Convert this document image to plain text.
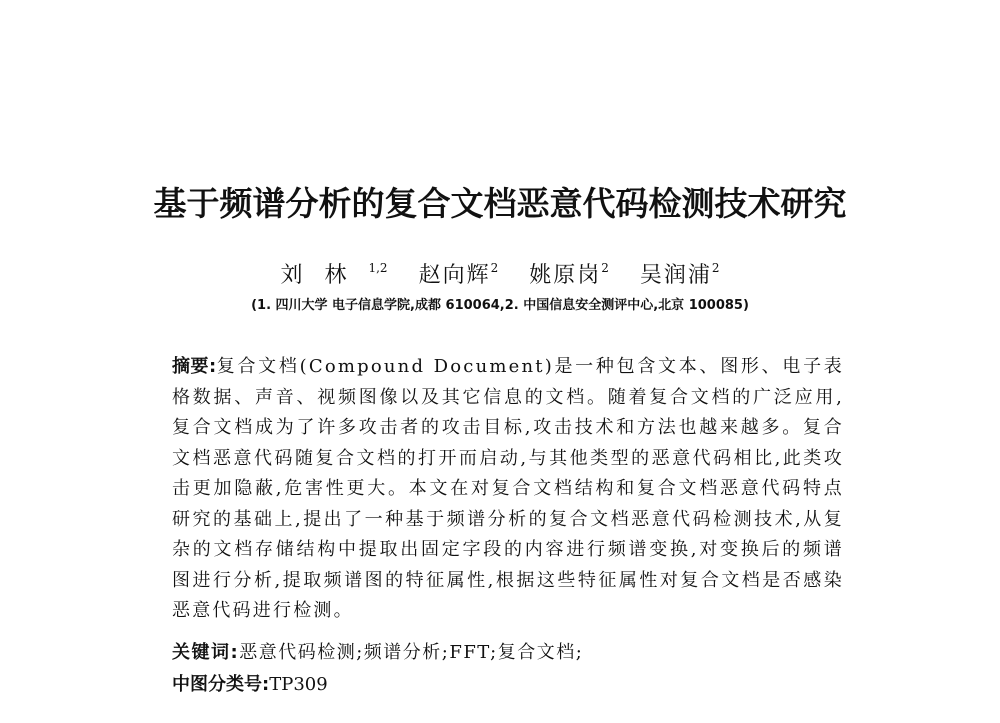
基于频谱分析的复合文档恶意代码检测技术研究
刘林$^{1,2}$ 赵向辉$^2$ 姚原岗$^2$ 吴润浦$^2$
(1. 四川大学 电子信息学院,成都 610064,2. 中国信息安全测评中心,北京 100085)
摘要:复合文档(Compound Document)是一种包含文本、图形、电子表格数据、声音、视频图像以及其它信息的文档。随着复合文档的广泛应用,复合文档成为了许多攻击者的攻击目标,攻击技术和方法也越来越多。复合文档恶意代码随复合文档的打开而启动,与其他类型的恶意代码相比,此类攻击更加隐蔽,危害性更大。本文在对复合文档结构和复合文档恶意代码特点研究的基础上,提出了一种基于频谱分析的复合文档恶意代码检测技术,从复杂的文档存储结构中提取出固定字段的内容进行频谱变换,对变换后的频谱图进行分析,提取频谱图的特征属性,根据这些特征属性对复合文档是否感染恶意代码进行检测。
关键词:恶意代码检测;频谱分析;FFT;复合文档;
中图分类号:TP309
